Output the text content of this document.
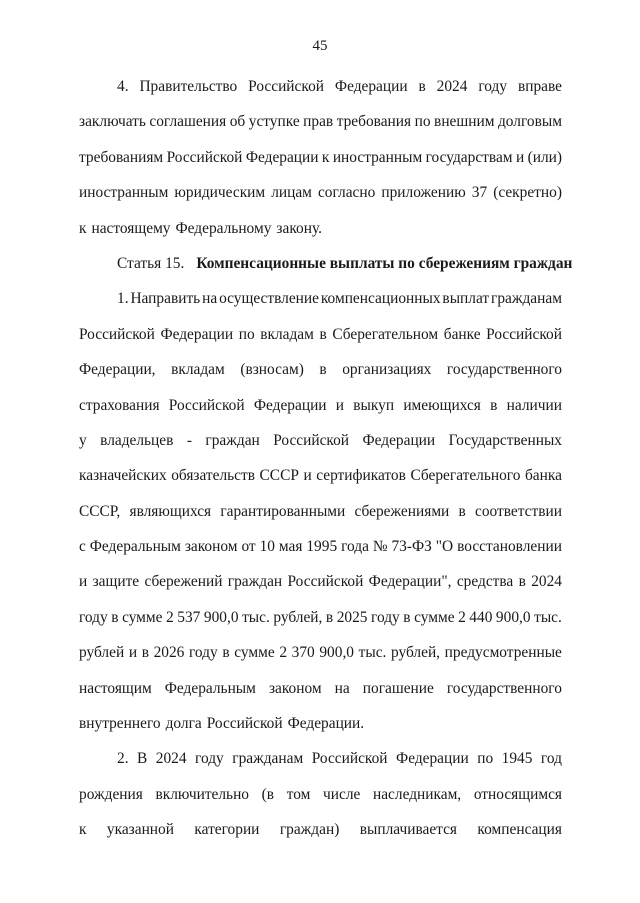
45
4. Правительство Российской Федерации в 2024 году вправе
заключать соглашения об уступке прав требования по внешним долговым
требованиям Российской Федерации к иностранным государствам и (или)
иностранным юридическим лицам согласно приложению 37 (секретно)
к настоящему Федеральному закону.
Статья 15. Компенсационные выплаты по сбережениям граждан
1. Направить на осуществление компенсационных выплат гражданам
Российской Федерации по вкладам в Сберегательном банке Российской
Федерации, вкладам (взносам) в организациях государственного
страхования Российской Федерации и выкуп имеющихся в наличии
у владельцев - граждан Российской Федерации Государственных
казначейских обязательств СССР и сертификатов Сберегательного банка
СССР, являющихся гарантированными сбережениями в соответствии
с Федеральным законом от 10 мая 1995 года № 73-ФЗ "О восстановлении
и защите сбережений граждан Российской Федерации", средства в 2024
году в сумме 2 537 900,0 тыс. рублей, в 2025 году в сумме 2 440 900,0 тыс.
рублей и в 2026 году в сумме 2 370 900,0 тыс. рублей, предусмотренные
настоящим Федеральным законом на погашение государственного
внутреннего долга Российской Федерации.
2. В 2024 году гражданам Российской Федерации по 1945 год
рождения включительно (в том числе наследникам, относящимся
к указанной категории граждан) выплачивается компенсация
